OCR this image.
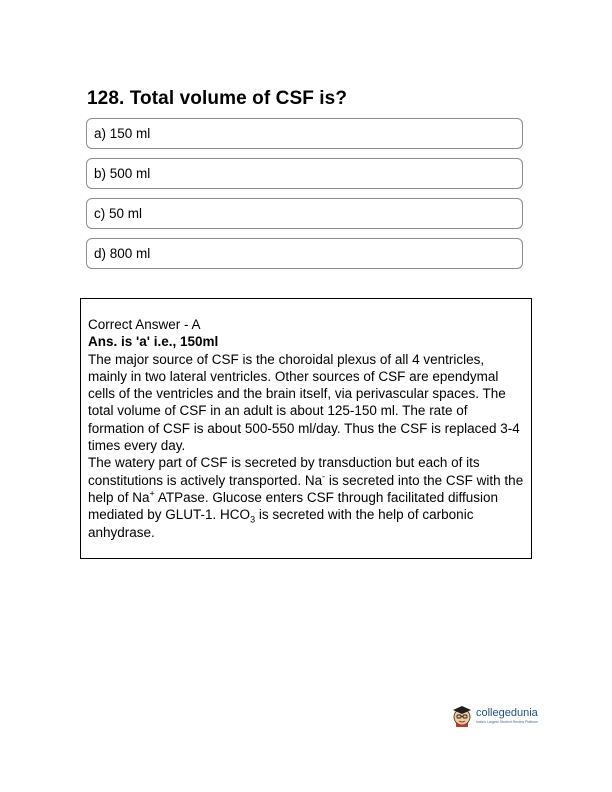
128. Total volume of CSF is?
a) 150 ml
b) 500 ml
c) 50 ml
d) 800 ml

Correct Answer - A

Ans. is 'a' i.e., 150ml

The major source of CSF is the choroidal plexus of all 4 ventricles, mainly in two lateral ventricles. Other sources of CSF are ependymal cells of the ventricles and the brain itself, via perivascular spaces. The total volume of CSF in an adult is about 125-150 ml. The rate of formation of CSF is about 500-550 ml/day. Thus the CSF is replaced 3-4 times every day.

The watery part of CSF is secreted by transduction but each of its constitutions is actively transported. Na- is secreted into the CSF with the help of Na+ ATPase. Glucose enters CSF through facilitated diffusion mediated by GLUT-1. $HCO_3$ is secreted with the help of carbonic anhydrase.

collegedunia
India's Largest Student Review Platform
